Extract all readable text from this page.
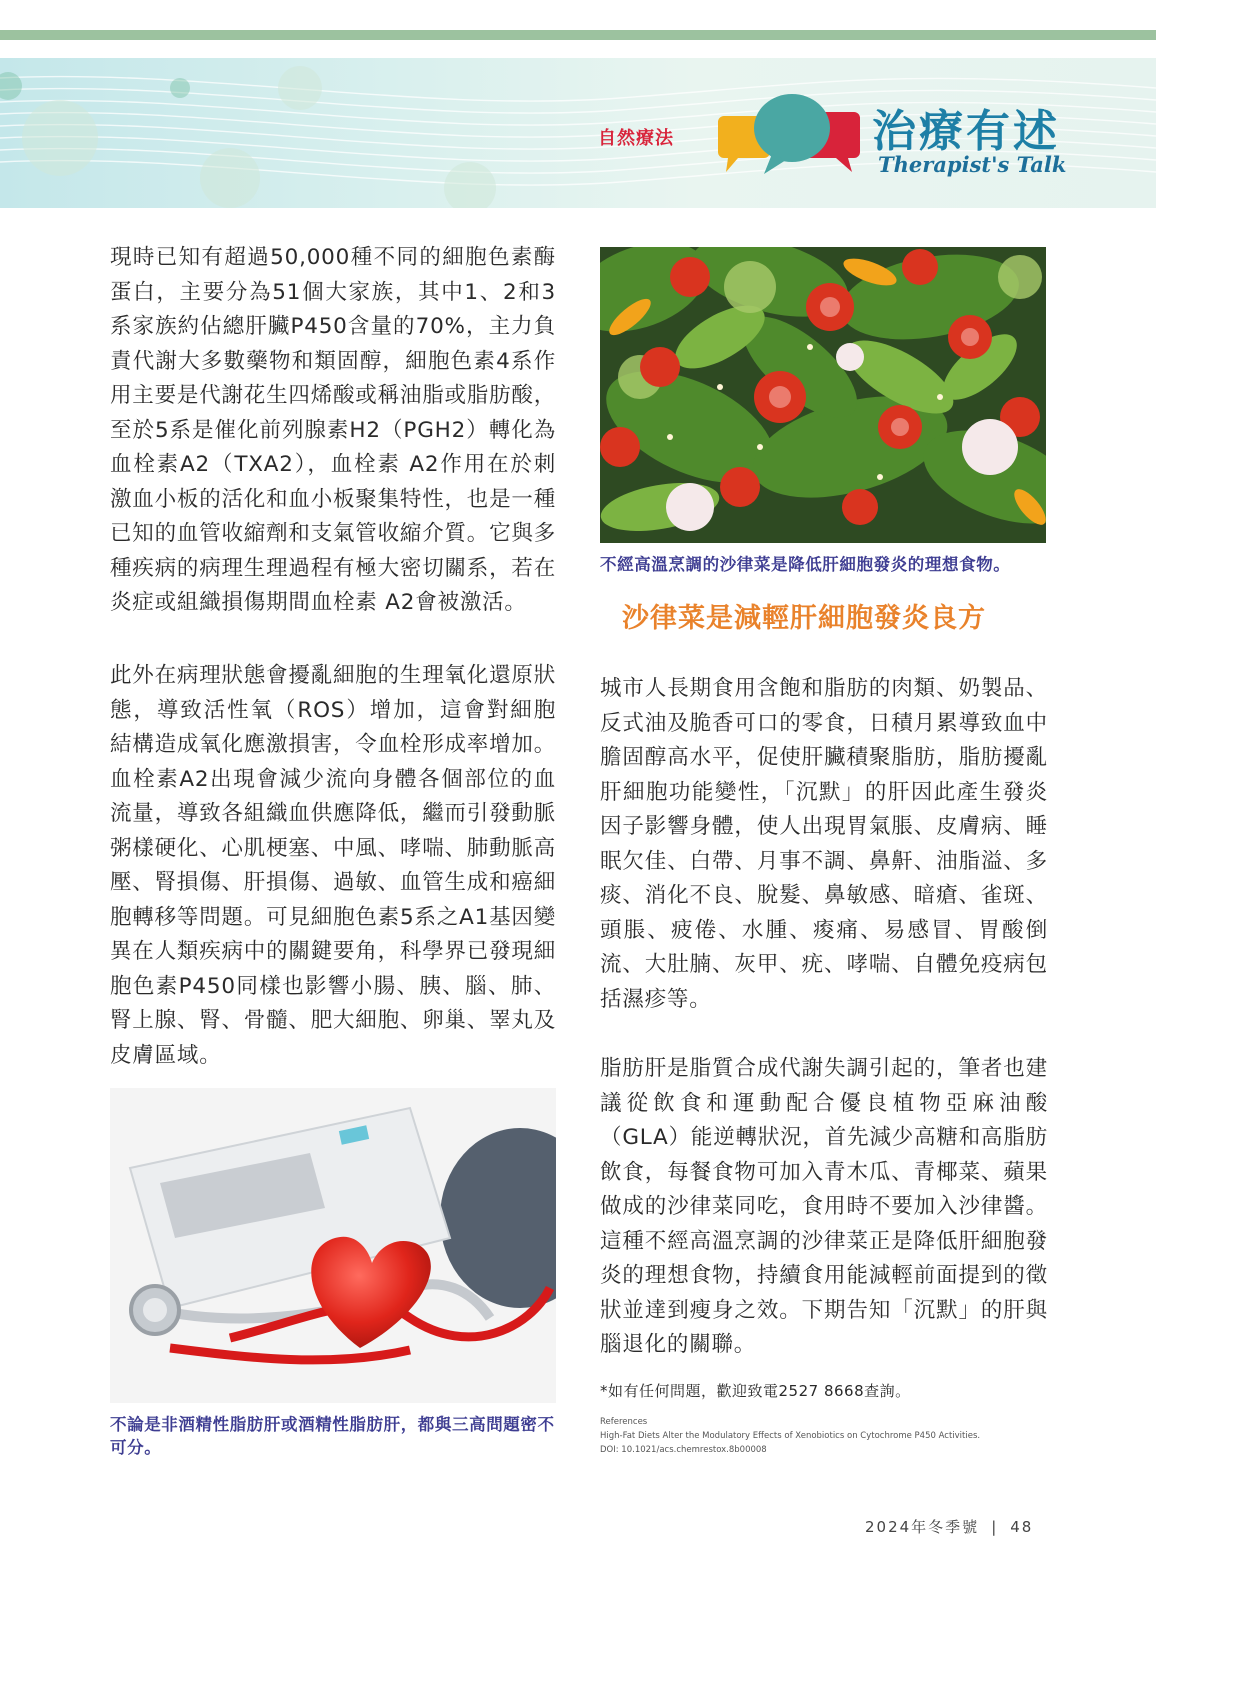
自然療法	治療有述
Therapist's Talk

現時已知有超過50,000種不同的細胞色素酶蛋白，主要分為51個大家族，其中1、2和3系家族約佔總肝臟P450含量的70%，主力負責代謝大多數藥物和類固醇，細胞色素4系作用主要是代謝花生四烯酸或稱油脂或脂肪酸，至於5系是催化前列腺素H2（PGH2）轉化為血栓素A2（TXA2），血栓素 A2作用在於刺激血小板的活化和血小板聚集特性，也是一種已知的血管收縮劑和支氣管收縮介質。它與多種疾病的病理生理過程有極大密切關系，若在炎症或組織損傷期間血栓素 A2會被激活。

此外在病理狀態會擾亂細胞的生理氧化還原狀態，導致活性氧（ROS）增加，這會對細胞結構造成氧化應激損害，令血栓形成率增加。血栓素A2出現會減少流向身體各個部位的血流量，導致各組織血供應降低，繼而引發動脈粥樣硬化、心肌梗塞、中風、哮喘、肺動脈高壓、腎損傷、肝損傷、過敏、血管生成和癌細胞轉移等問題。可見細胞色素5系之A1基因變異在人類疾病中的關鍵要角，科學界已發現細胞色素P450同樣也影響小腸、胰、腦、肺、腎上腺、腎、骨髓、肥大細胞、卵巢、睪丸及皮膚區域。

不經高溫烹調的沙律菜是降低肝細胞發炎的理想食物。
沙律菜是減輕肝細胞發炎良方

城市人長期食用含飽和脂肪的肉類、奶製品、反式油及脆香可口的零食，日積月累導致血中膽固醇高水平，促使肝臟積聚脂肪，脂肪擾亂肝細胞功能變性，「沉默」的肝因此產生發炎因子影響身體，使人出現胃氣脹、皮膚病、睡眠欠佳、白帶、月事不調、鼻鼾、油脂溢、多痰、消化不良、脫髮、鼻敏感、暗瘡、雀斑、頭脹、疲倦、水腫、痠痛、易感冒、胃酸倒流、大肚腩、灰甲、疣、哮喘、自體免疫病包括濕疹等。

脂肪肝是脂質合成代謝失調引起的，筆者也建議從飲食和運動配合優良植物亞麻油酸（GLA）能逆轉狀況，首先減少高糖和高脂肪飲食，每餐食物可加入青木瓜、青椰菜、蘋果做成的沙律菜同吃，食用時不要加入沙律醬。這種不經高溫烹調的沙律菜正是降低肝細胞發炎的理想食物，持續食用能減輕前面提到的徵狀並達到瘦身之效。下期告知「沉默」的肝與腦退化的關聯。

不論是非酒精性脂肪肝或酒精性脂肪肝，都與三高問題密不可分。
*如有任何問題，歡迎致電2527 8668查詢。
References
High-Fat Diets Alter the Modulatory Effects of Xenobiotics on Cytochrome P450 Activities.
DOI: 10.1021/acs.chemrestox.8b00008
2024年冬季號 | 48
